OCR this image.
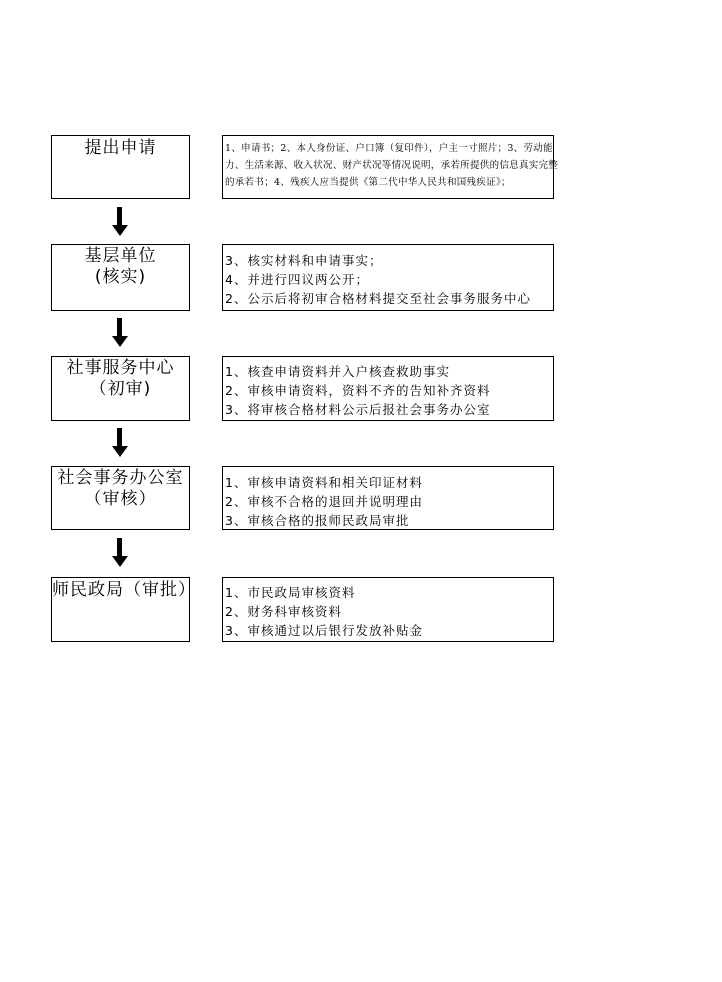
提出申请	1、申请书；2、本人身份证、户口簿（复印件），户主一寸照片；3、劳动能
力、生活来源、收入状况、财产状况等情况说明，承若所提供的信息真实完整
的承若书；4、残疾人应当提供《第二代中华人民共和国残疾证》；
基层单位
(核实)
3、核实材料和申请事实；
4、并进行四议两公开；
2、公示后将初审合格材料提交至社会事务服务中心
社事服务中心
（初审)
1、核查申请资料并入户核查救助事实
2、审核申请资料，资料不齐的告知补齐资料
3、将审核合格材料公示后报社会事务办公室
社会事务办公室
（审核）
1、审核申请资料和相关印证材料
2、审核不合格的退回并说明理由
3、审核合格的报师民政局审批
师民政局（审批） 1、市民政局审核资料
2、财务科审核资料
3、审核通过以后银行发放补贴金
